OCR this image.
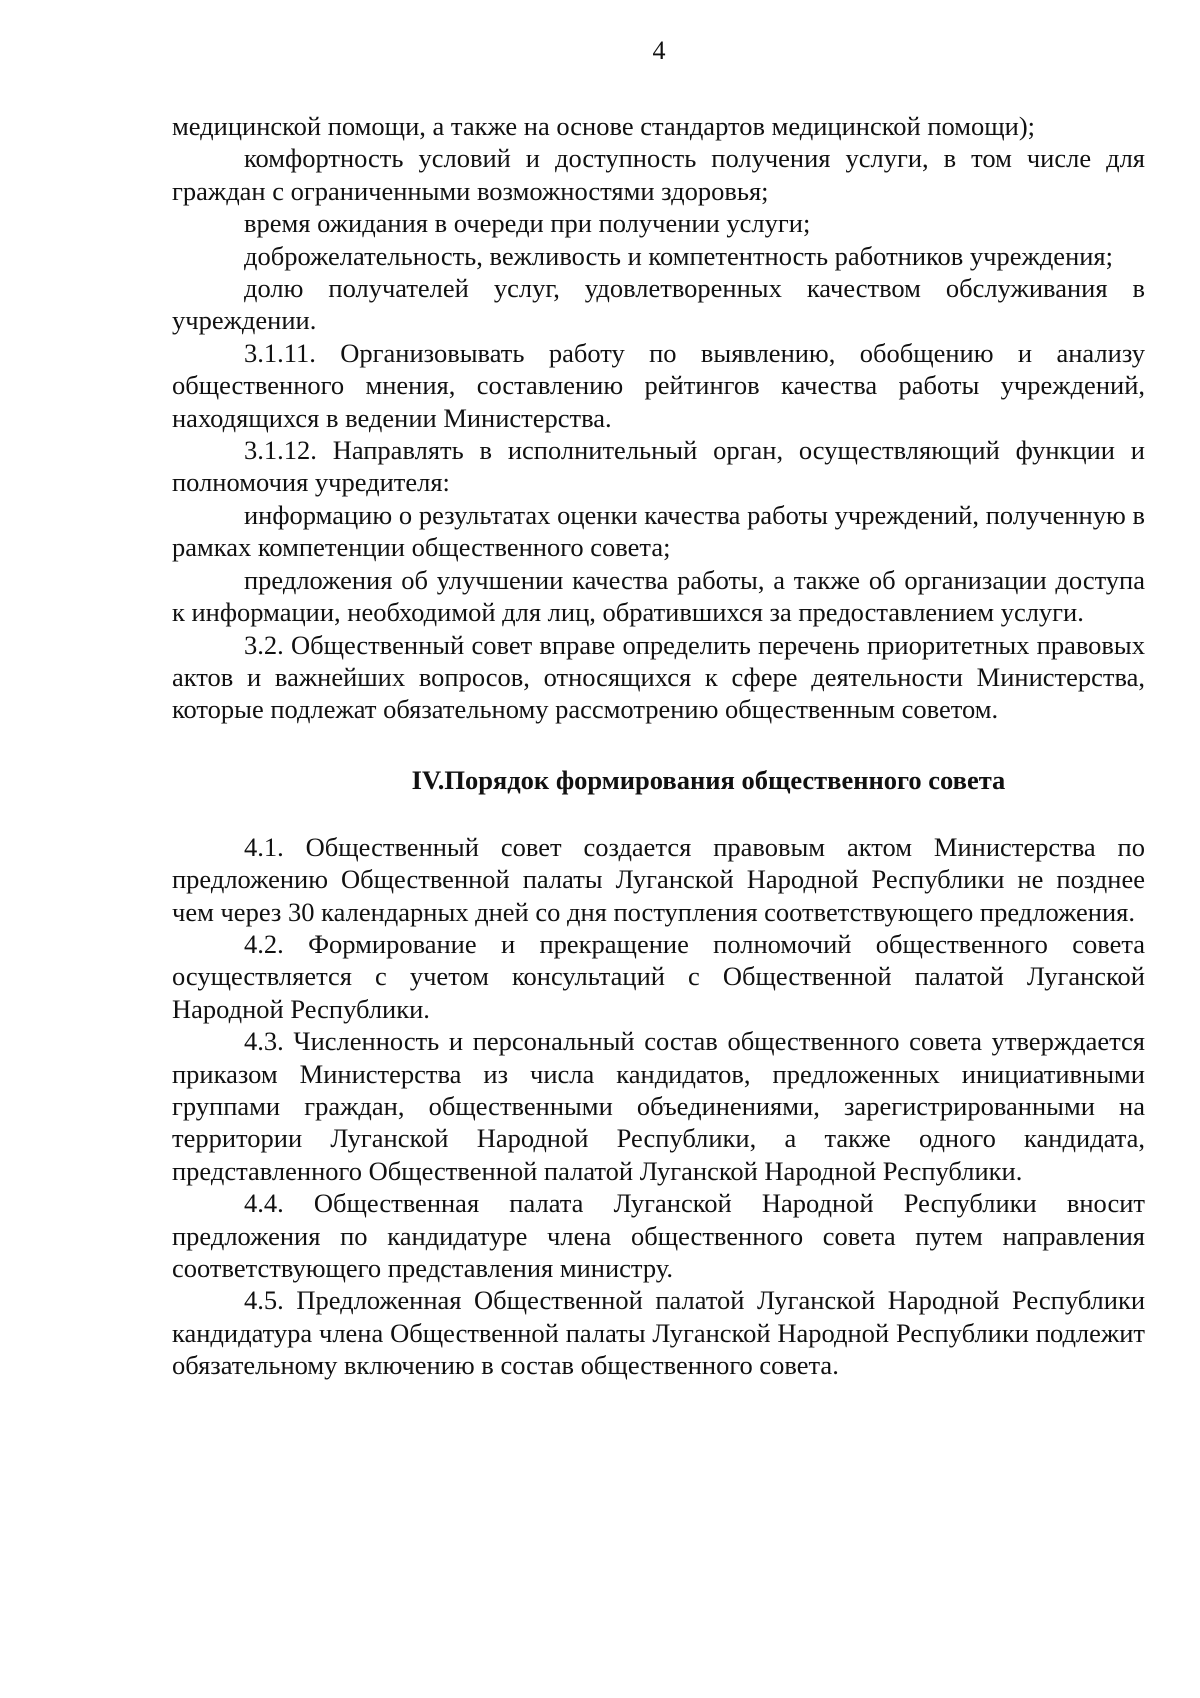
4

медицинской помощи, а также на основе стандартов медицинской помощи);

комфортность условий и доступность получения услуги, в том числе для граждан с ограниченными возможностями здоровья;

время ожидания в очереди при получении услуги;

доброжелательность, вежливость и компетентность работников учреждения;

долю получателей услуг, удовлетворенных качеством обслуживания в учреждении.

3.1.11. Организовывать работу по выявлению, обобщению и анализу общественного мнения, составлению рейтингов качества работы учреждений, находящихся в ведении Министерства.

3.1.12. Направлять в исполнительный орган, осуществляющий функции и полномочия учредителя:

информацию о результатах оценки качества работы учреждений, полученную в рамках компетенции общественного совета;

предложения об улучшении качества работы, а также об организации доступа к информации, необходимой для лиц, обратившихся за предоставлением услуги.

3.2. Общественный совет вправе определить перечень приоритетных правовых актов и важнейших вопросов, относящихся к сфере деятельности Министерства, которые подлежат обязательному рассмотрению общественным советом.

IV.Порядок формирования общественного совета

4.1. Общественный совет создается правовым актом Министерства по предложению Общественной палаты Луганской Народной Республики не позднее чем через 30 календарных дней со дня поступления соответствующего предложения.

4.2. Формирование и прекращение полномочий общественного совета осуществляется с учетом консультаций с Общественной палатой Луганской Народной Республики.

4.3. Численность и персональный состав общественного совета утверждается приказом Министерства из числа кандидатов, предложенных инициативными группами граждан, общественными объединениями, зарегистрированными на территории Луганской Народной Республики, а также одного кандидата, представленного Общественной палатой Луганской Народной Республики.

4.4. Общественная палата Луганской Народной Республики вносит предложения по кандидатуре члена общественного совета путем направления соответствующего представления министру.

4.5. Предложенная Общественной палатой Луганской Народной Республики кандидатура члена Общественной палаты Луганской Народной Республики подлежит обязательному включению в состав общественного совета.
